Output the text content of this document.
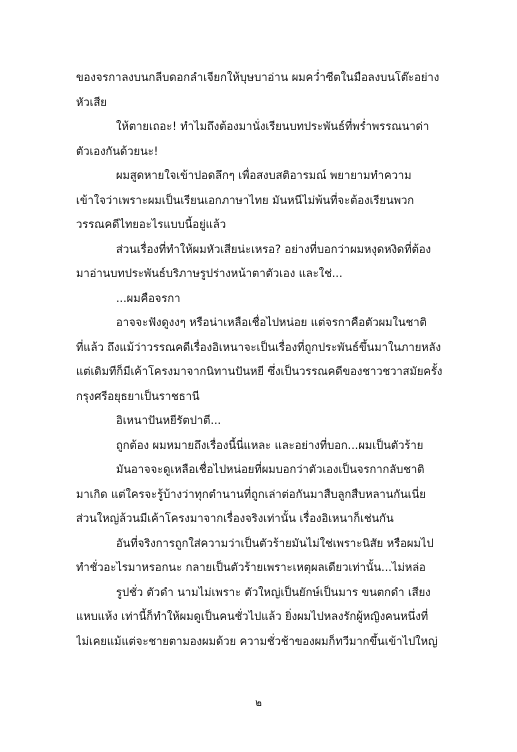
ของจรกาลงบนกลีบดอกลำเจียกให้บุษบาอ่าน ผมคว่ำซีตในมือลงบนโต๊ะอย่าง
หัวเสีย
ให้ตายเถอะ! ทำไมถึงต้องมานั่งเรียนบทประพันธ์ที่พร่ำพรรณนาด่า
ตัวเองกันด้วยนะ!
ผมสูดหายใจเข้าปอดลึกๆ เพื่อสงบสติอารมณ์ พยายามทำความ
เข้าใจว่าเพราะผมเป็นเรียนเอกภาษาไทย มันหนีไม่พ้นที่จะต้องเรียนพวก
วรรณคดีไทยอะไรแบบนี้อยู่แล้ว
ส่วนเรื่องที่ทำให้ผมหัวเสียน่ะเหรอ? อย่างที่บอกว่าผมหงุดหงิดที่ต้อง
มาอ่านบทประพันธ์บริภาษรูปร่างหน้าตาตัวเอง และใช่...
...ผมคือจรกา
อาจจะฟังดูงงๆ หรือน่าเหลือเชื่อไปหน่อย แต่จรกาคือตัวผมในชาติ
ที่แล้ว ถึงแม้ว่าวรรณคดีเรื่องอิเหนาจะเป็นเรื่องที่ถูกประพันธ์ขึ้นมาในภายหลัง
แต่เดิมทีก็มีเค้าโครงมาจากนิทานปันหยี ซึ่งเป็นวรรณคดีของชาวชวาสมัยครั้ง
กรุงศรีอยุธยาเป็นราชธานี
อิเหนาปันหยีรัตปาตี...
ถูกต้อง ผมหมายถึงเรื่องนี้นี่แหละ และอย่างที่บอก...ผมเป็นตัวร้าย
มันอาจจะดูเหลือเชื่อไปหน่อยที่ผมบอกว่าตัวเองเป็นจรกากลับชาติ
มาเกิด แต่ใครจะรู้บ้างว่าทุกตำนานที่ถูกเล่าต่อกันมาสืบลูกสืบหลานกันเนี่ย
ส่วนใหญ่ล้วนมีเค้าโครงมาจากเรื่องจริงเท่านั้น เรื่องอิเหนาก็เช่นกัน
อันที่จริงการถูกใส่ความว่าเป็นตัวร้ายมันไม่ใช่เพราะนิสัย หรือผมไป
ทำชั่วอะไรมาหรอกนะ กลายเป็นตัวร้ายเพราะเหตุผลเดียวเท่านั้น...ไม่หล่อ
รูปชั่ว ตัวดำ นามไม่เพราะ ตัวใหญ่เป็นยักษ์เป็นมาร ขนตกดำ เสียง
แหบแห้ง เท่านี้ก็ทำให้ผมดูเป็นคนชั่วไปแล้ว ยิ่งผมไปหลงรักผู้หญิงคนหนึ่งที่
ไม่เคยแม้แต่จะชายตามองผมด้วย ความชั่วช้าของผมก็ทวีมากขึ้นเข้าไปใหญ่
๒
